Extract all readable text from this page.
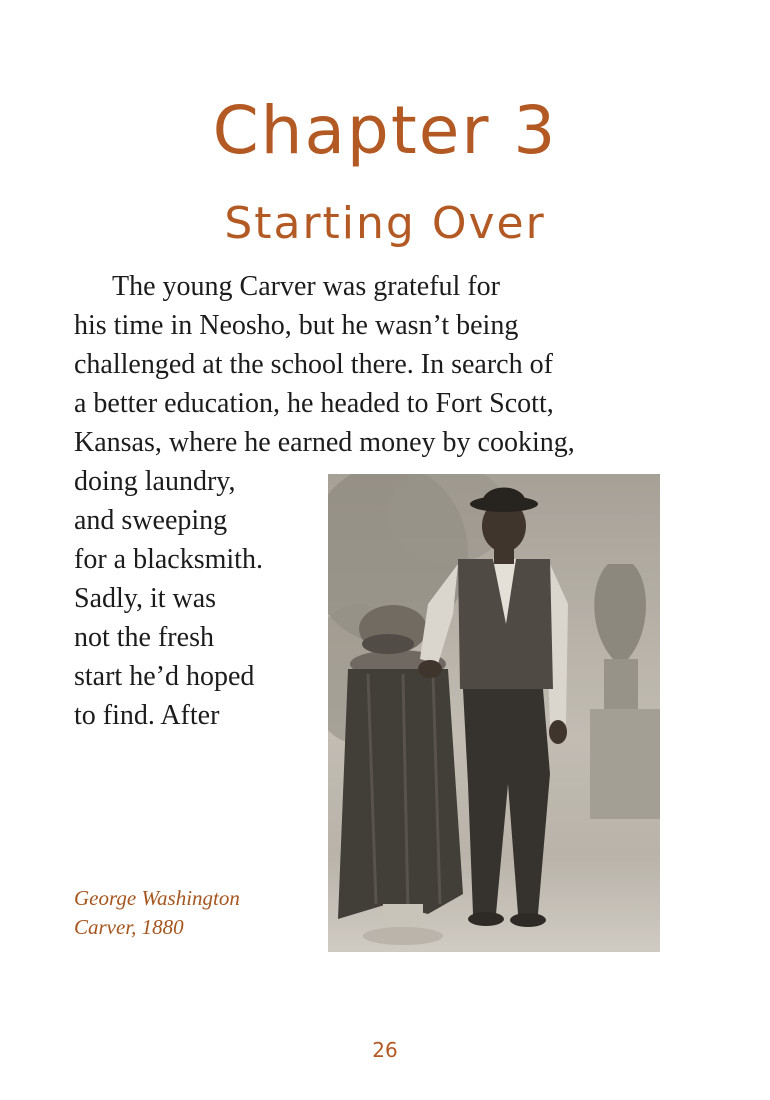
Chapter 3
Starting Over
The young Carver was grateful for
his time in Neosho, but he wasn’t being
challenged at the school there. In search of
a better education, he headed to Fort Scott,
Kansas, where he earned money by cooking,
doing laundry,
and sweeping
for a blacksmith.
Sadly, it was
not the fresh
start he’d hoped
to find. After
George Washington
Carver, 1880
26
